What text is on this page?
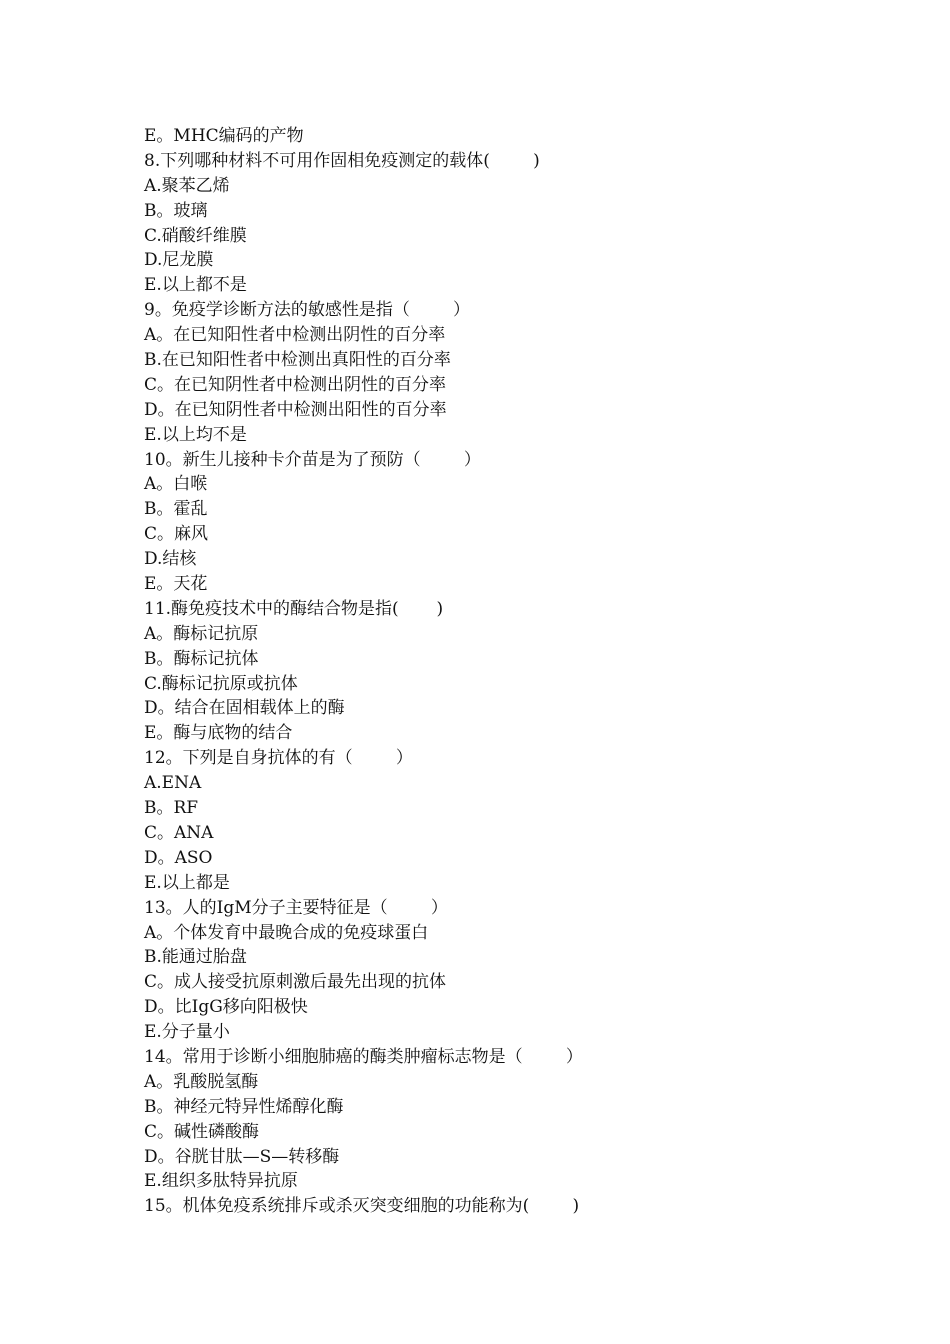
E。MHC编码的产物
8.下列哪种材料不可用作固相免疫测定的载体(        )
A.聚苯乙烯
B。玻璃
C.硝酸纤维膜
D.尼龙膜
E.以上都不是
9。免疫学诊断方法的敏感性是指（        ）
A。在已知阳性者中检测出阴性的百分率
B.在已知阳性者中检测出真阳性的百分率
C。在已知阴性者中检测出阴性的百分率
D。在已知阴性者中检测出阳性的百分率
E.以上均不是
10。新生儿接种卡介苗是为了预防（        ）
A。白喉
B。霍乱
C。麻风
D.结核
E。天花
11.酶免疫技术中的酶结合物是指(       )
A。酶标记抗原
B。酶标记抗体
C.酶标记抗原或抗体
D。结合在固相载体上的酶
E。酶与底物的结合
12。下列是自身抗体的有（        ）
A.ENA
B。RF
C。ANA
D。ASO
E.以上都是
13。人的IgM分子主要特征是（        ）
A。个体发育中最晚合成的免疫球蛋白
B.能通过胎盘
C。成人接受抗原刺激后最先出现的抗体
D。比IgG移向阳极快
E.分子量小
14。常用于诊断小细胞肺癌的酶类肿瘤标志物是（        ）
A。乳酸脱氢酶
B。神经元特异性烯醇化酶
C。碱性磷酸酶
D。谷胱甘肽—S—转移酶
E.组织多肽特异抗原
15。机体免疫系统排斥或杀灭突变细胞的功能称为(        )
